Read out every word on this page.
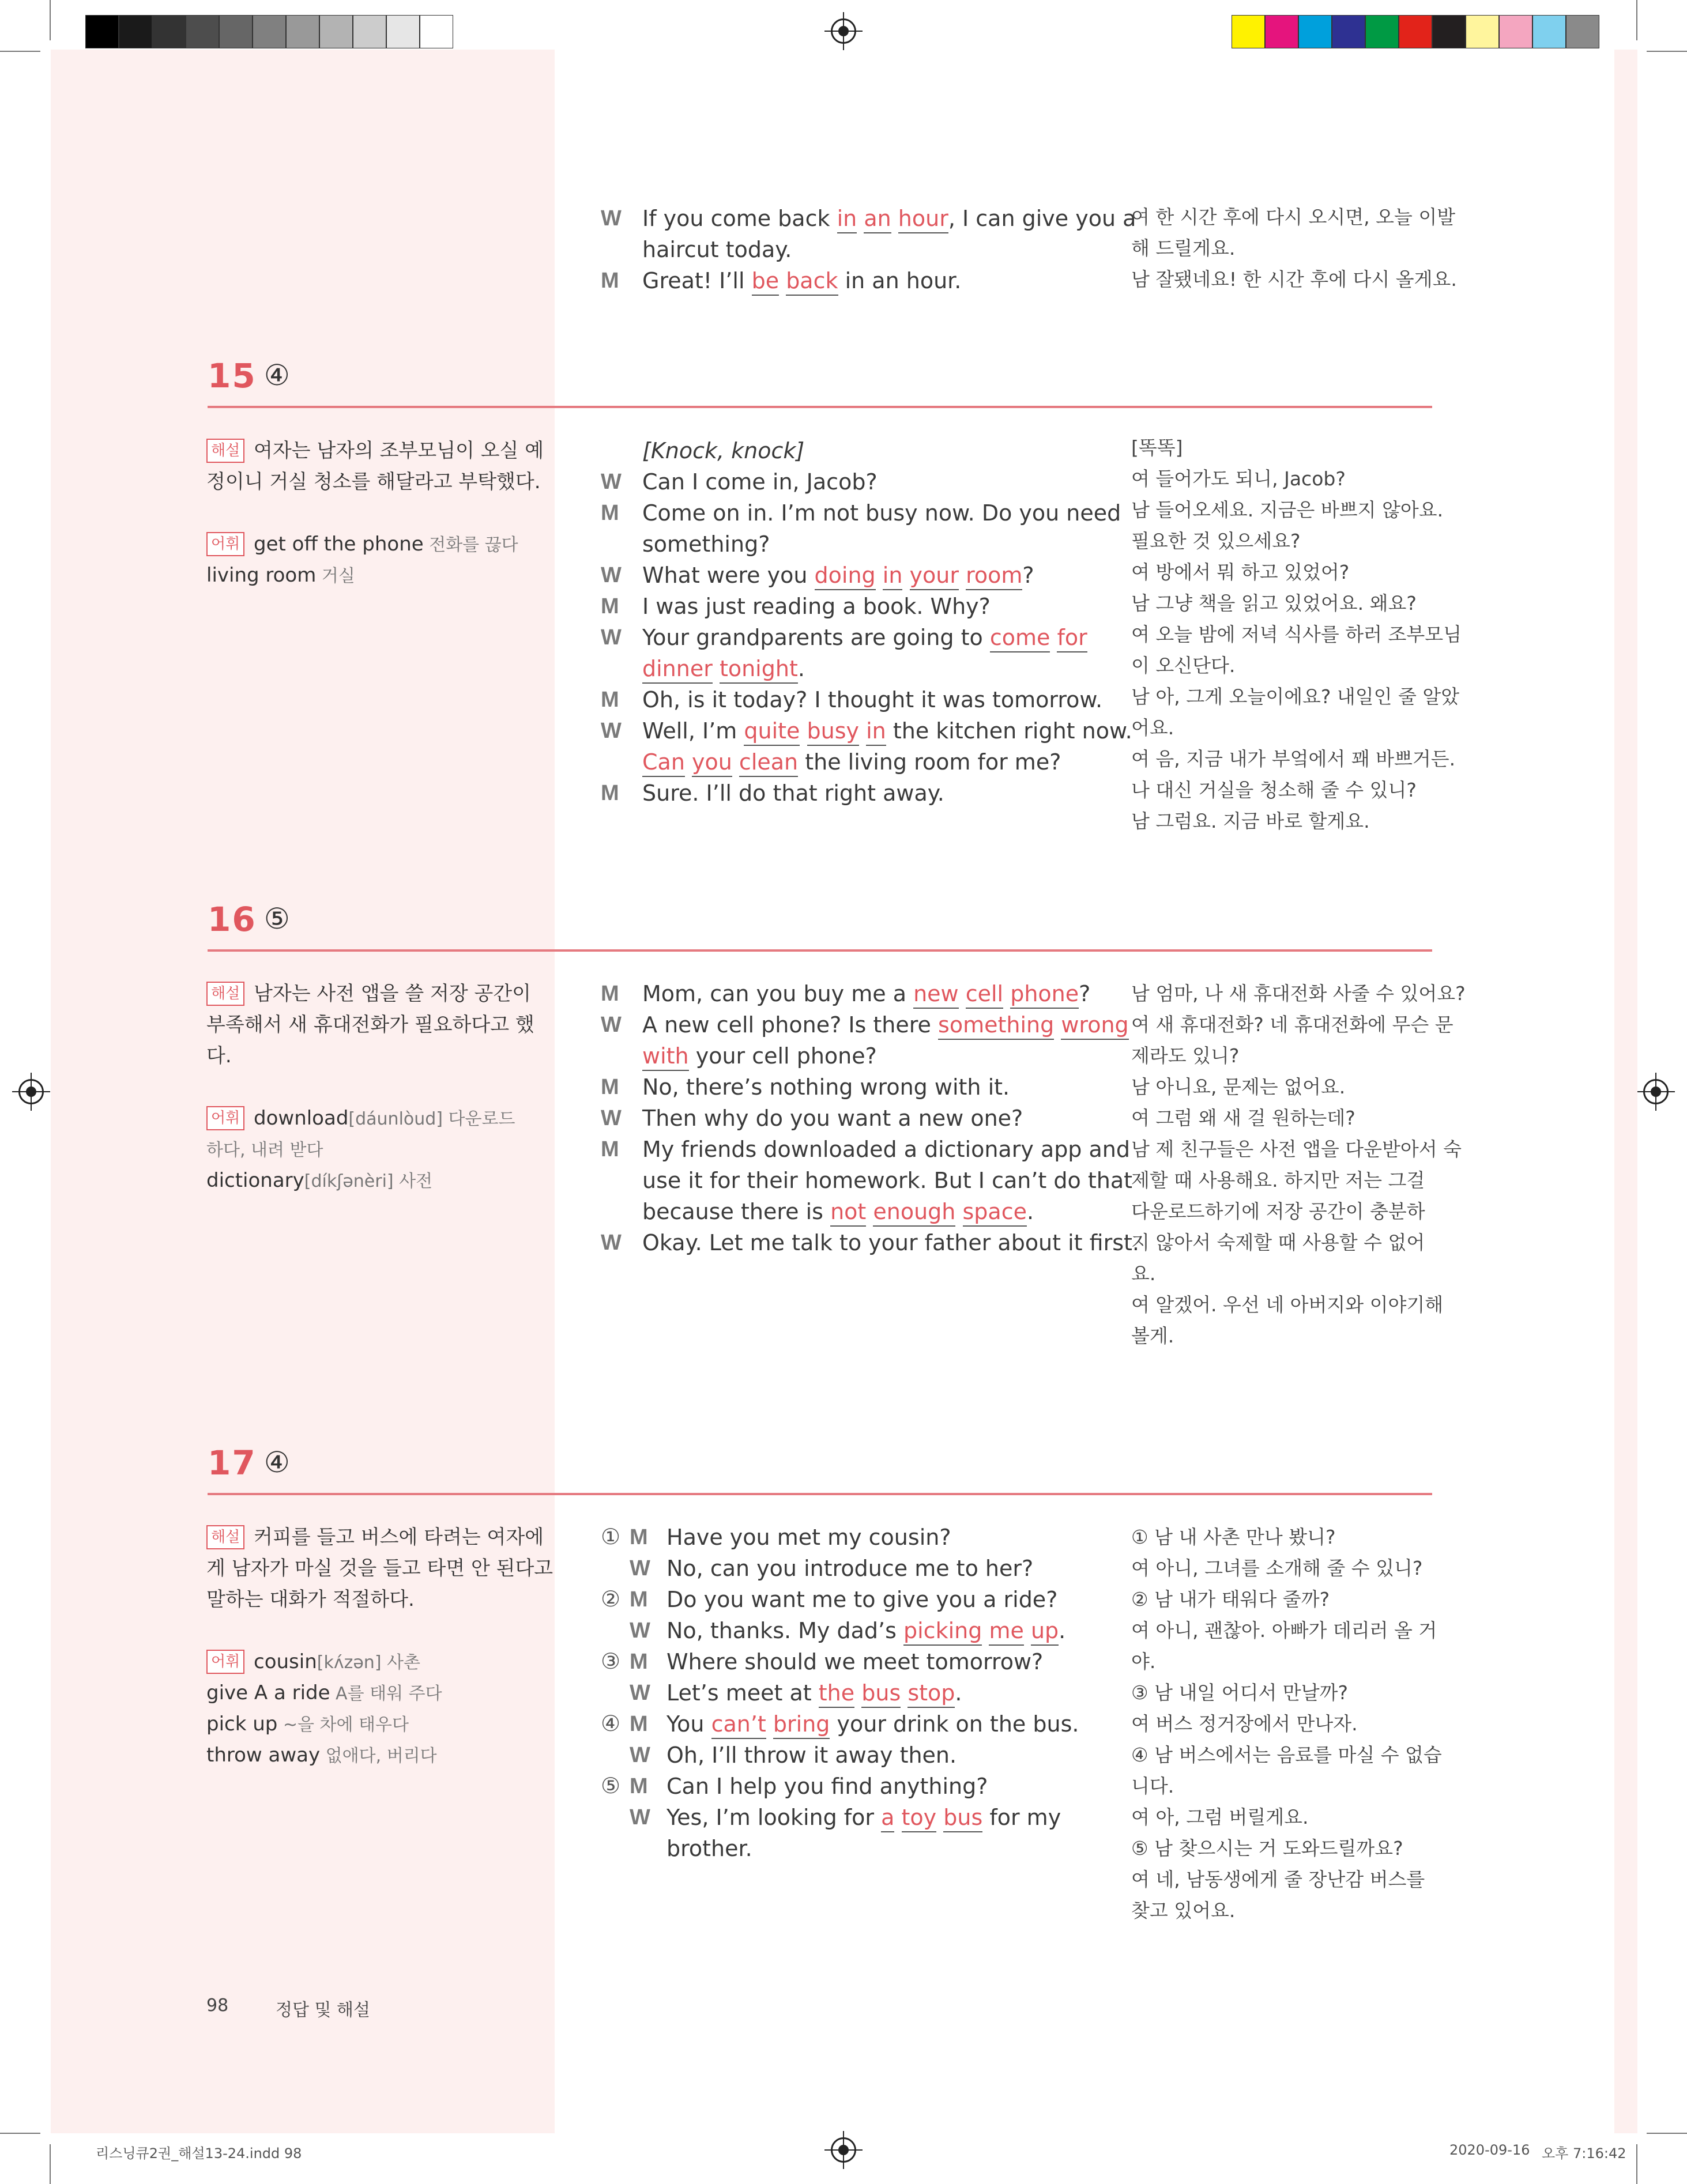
W If you come back in an hour, I can give you a
haircut today.
M Great! I’ll be back in an hour.
여 한 시간 후에 다시 오시면, 오늘 이발
해 드릴게요.
남 잘됐네요! 한 시간 후에 다시 올게요.
15 ④
해설 여자는 남자의 조부모님이 오실 예
정이니 거실 청소를 해달라고 부탁했다.
어휘 get off the phone 전화를 끊다
living room 거실
[Knock, knock]
W Can I come in, Jacob?
M Come on in. I’m not busy now. Do you need
something?
W What were you doing in your room?
M I was just reading a book. Why?
W Your grandparents are going to come for
dinner tonight.
M Oh, is it today? I thought it was tomorrow.
W Well, I’m quite busy in the kitchen right now.
Can you clean the living room for me?
M Sure. I’ll do that right away.
[똑똑]
여 들어가도 되니, Jacob?
남 들어오세요. 지금은 바쁘지 않아요.
필요한 것 있으세요?
여 방에서 뭐 하고 있었어?
남 그냥 책을 읽고 있었어요. 왜요?
여 오늘 밤에 저녁 식사를 하러 조부모님
이 오신단다.
남 아, 그게 오늘이에요? 내일인 줄 알았
어요.
여 음, 지금 내가 부엌에서 꽤 바쁘거든.
나 대신 거실을 청소해 줄 수 있니?
남 그럼요. 지금 바로 할게요.
16 ⑤
해설 남자는 사전 앱을 쓸 저장 공간이
부족해서 새 휴대전화가 필요하다고 했
다.
어휘 download[dáunlòud] 다운로드
하다, 내려 받다
dictionary[díkʃənèri] 사전
M Mom, can you buy me a new cell phone?
W A new cell phone? Is there something wrong
with your cell phone?
M No, there’s nothing wrong with it.
W Then why do you want a new one?
M My friends downloaded a dictionary app and
use it for their homework. But I can’t do that
because there is not enough space.
W Okay. Let me talk to your father about it first.
남 엄마, 나 새 휴대전화 사줄 수 있어요?
여 새 휴대전화? 네 휴대전화에 무슨 문
제라도 있니?
남 아니요, 문제는 없어요.
여 그럼 왜 새 걸 원하는데?
남 제 친구들은 사전 앱을 다운받아서 숙
제할 때 사용해요. 하지만 저는 그걸
다운로드하기에 저장 공간이 충분하
지 않아서 숙제할 때 사용할 수 없어
요.
여 알겠어. 우선 네 아버지와 이야기해
볼게.
17 ④
해설 커피를 들고 버스에 타려는 여자에
게 남자가 마실 것을 들고 타면 안 된다고
말하는 대화가 적절하다.
어휘 cousin[kʌ́zən] 사촌
give A a ride A를 태워 주다
pick up ~을 차에 태우다
throw away 없애다, 버리다
① M Have you met my cousin?
W No, can you introduce me to her?
② M Do you want me to give you a ride?
W No, thanks. My dad’s picking me up.
③ M Where should we meet tomorrow?
W Let’s meet at the bus stop.
④ M You can’t bring your drink on the bus.
W Oh, I’ll throw it away then.
⑤ M Can I help you find anything?
W Yes, I’m looking for a toy bus for my
brother.
① 남 내 사촌 만나 봤니?
여 아니, 그녀를 소개해 줄 수 있니?
② 남 내가 태워다 줄까?
여 아니, 괜찮아. 아빠가 데리러 올 거
야.
③ 남 내일 어디서 만날까?
여 버스 정거장에서 만나자.
④ 남 버스에서는 음료를 마실 수 없습
니다.
여 아, 그럼 버릴게요.
⑤ 남 찾으시는 거 도와드릴까요?
여 네, 남동생에게 줄 장난감 버스를
찾고 있어요.
98	정답 및 해설
리스닝큐2권_해설13-24.indd 98	2020-09-16 오후 7:16:42
